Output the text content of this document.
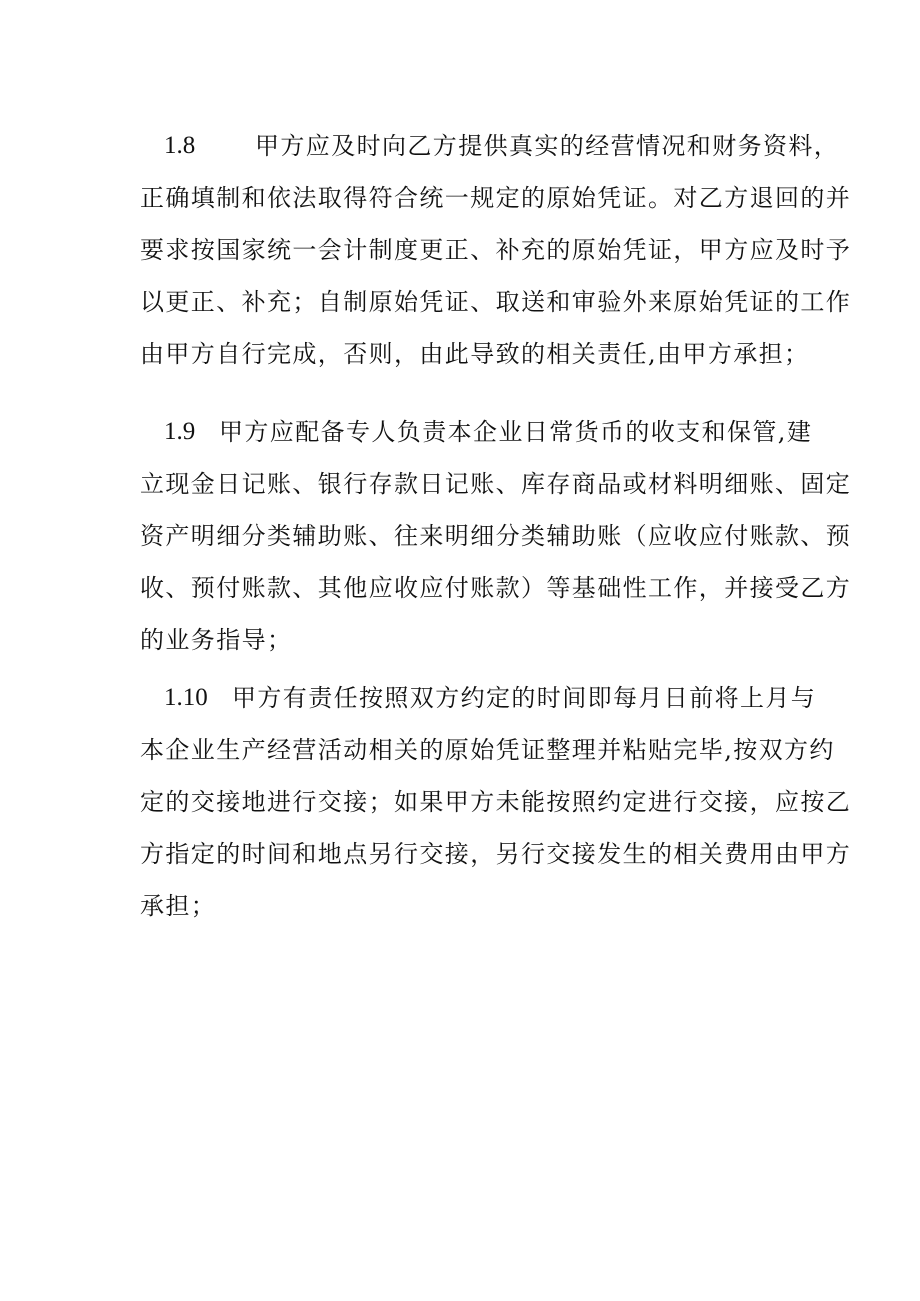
1.8 甲方应及时向乙方提供真实的经营情况和财务资料，
正确填制和依法取得符合统一规定的原始凭证。对乙方退回的并
要求按国家统一会计制度更正、补充的原始凭证，甲方应及时予
以更正、补充；自制原始凭证、取送和审验外来原始凭证的工作
由甲方自行完成，否则，由此导致的相关责任,由甲方承担；
1.9 甲方应配备专人负责本企业日常货币的收支和保管,建
立现金日记账、银行存款日记账、库存商品或材料明细账、固定
资产明细分类辅助账、往来明细分类辅助账（应收应付账款、预
收、预付账款、其他应收应付账款）等基础性工作，并接受乙方
的业务指导；
1.10 甲方有责任按照双方约定的时间即每月日前将上月与
本企业生产经营活动相关的原始凭证整理并粘贴完毕,按双方约
定的交接地进行交接；如果甲方未能按照约定进行交接，应按乙
方指定的时间和地点另行交接，另行交接发生的相关费用由甲方
承担；
